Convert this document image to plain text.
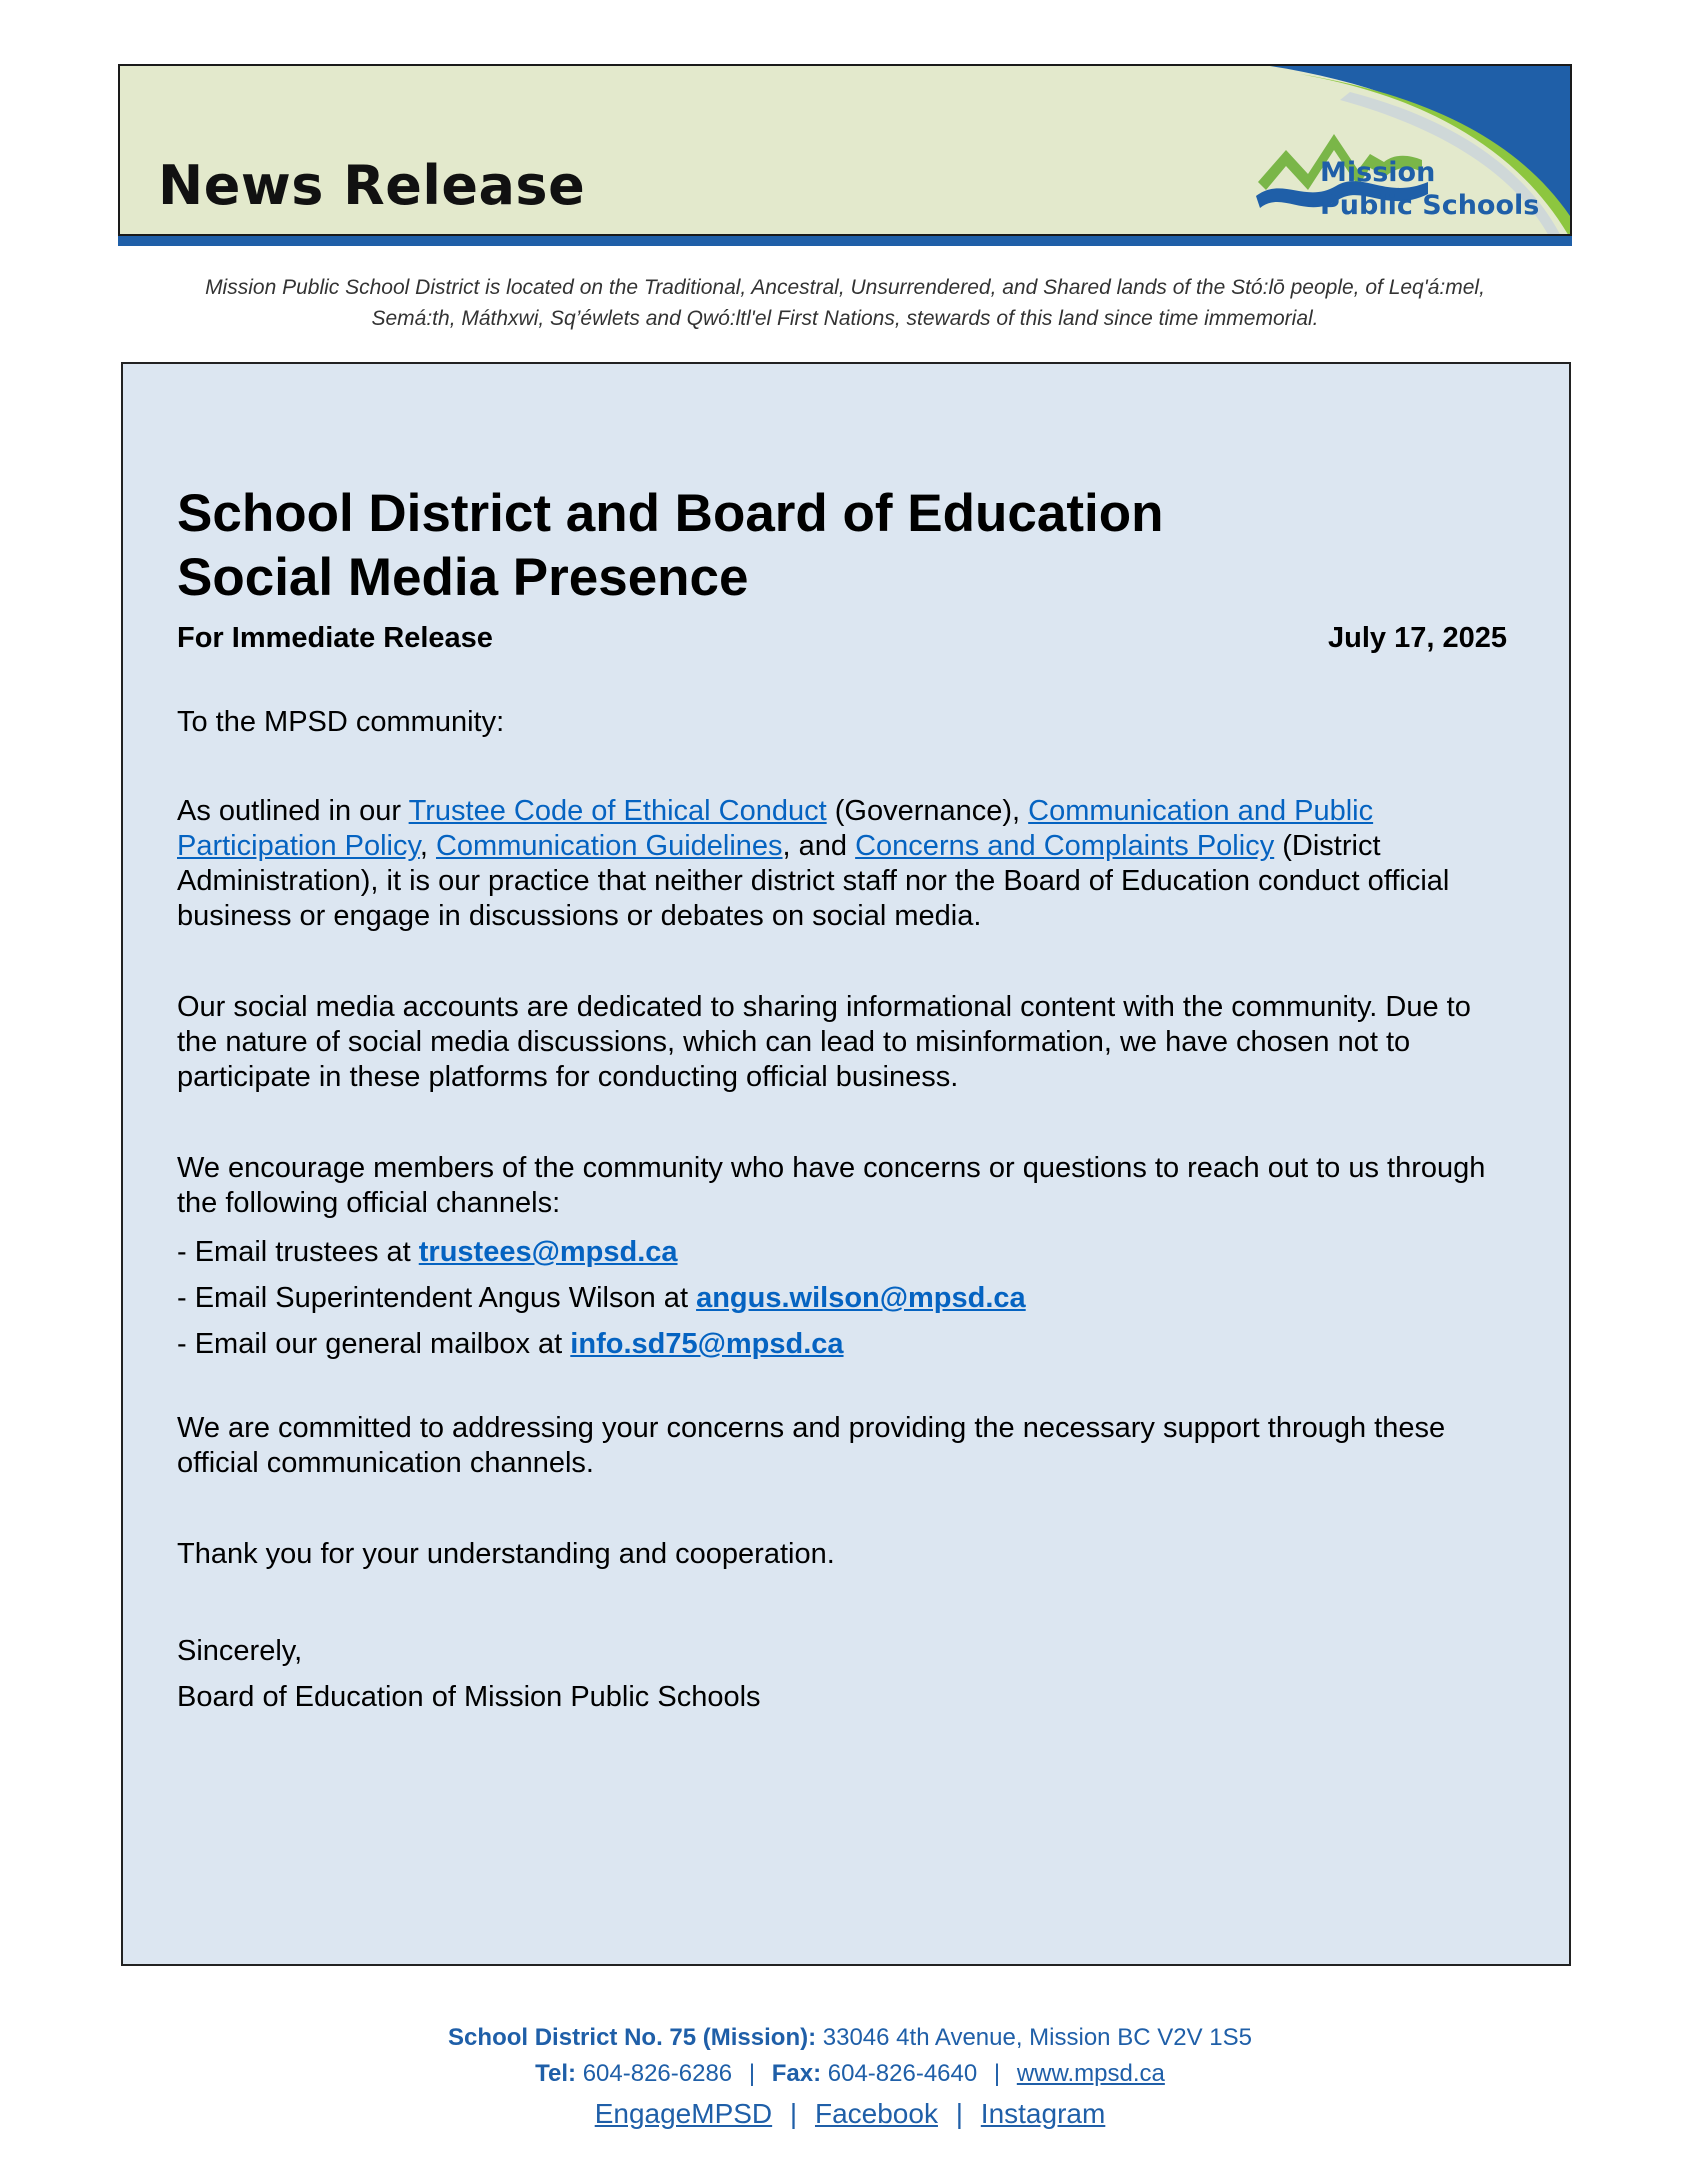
News Release	Mission
Public Schools
Mission Public School District is located on the Traditional, Ancestral, Unsurrendered, and Shared lands of the Stó:lō people, of Leq'á:mel,
Semá:th, Máthxwi, Sq’éwlets and Qwó:ltl'el First Nations, stewards of this land since time immemorial.
School District and Board of Education
Social Media Presence
For Immediate Release	July 17, 2025

To the MPSD community:

As outlined in our Trustee Code of Ethical Conduct (Governance), Communication and Public Participation Policy, Communication Guidelines, and Concerns and Complaints Policy (District Administration), it is our practice that neither district staff nor the Board of Education conduct official business or engage in discussions or debates on social media.

Our social media accounts are dedicated to sharing informational content with the community. Due to the nature of social media discussions, which can lead to misinformation, we have chosen not to participate in these platforms for conducting official business.

We encourage members of the community who have concerns or questions to reach out to us through the following official channels:

- Email trustees at trustees@mpsd.ca
- Email Superintendent Angus Wilson at angus.wilson@mpsd.ca
- Email our general mailbox at info.sd75@mpsd.ca

We are committed to addressing your concerns and providing the necessary support through these official communication channels.

Thank you for your understanding and cooperation.

Sincerely,
Board of Education of Mission Public Schools
School District No. 75 (Mission): 33046 4th Avenue, Mission BC V2V 1S5
Tel: 604-826-6286 | Fax: 604-826-4640 | www.mpsd.ca
EngageMPSD | Facebook | Instagram
